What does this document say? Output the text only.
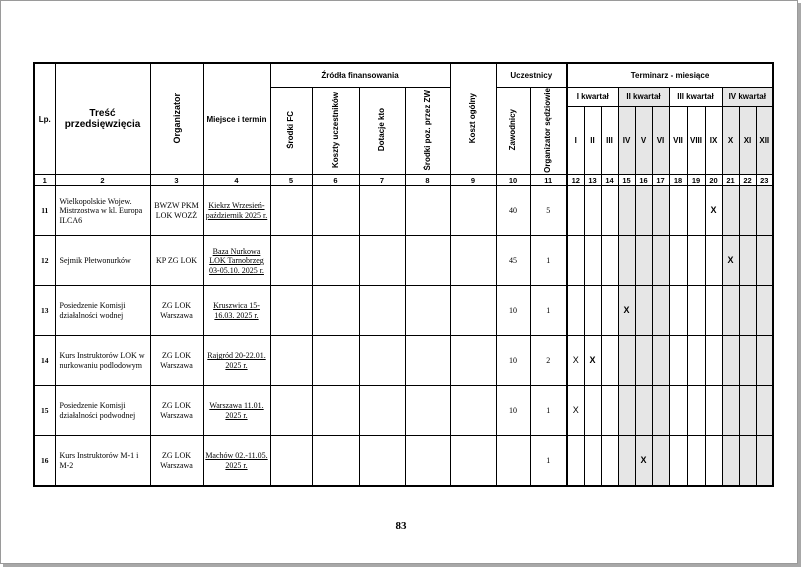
Lp.	Treść przedsięwzięcia	Organizator	Miejsce i termin	Źródła finansowania				Koszt ogólny	Uczestnicy		Terminarz - miesiące											
				Środki FC	Koszty uczestników	Dotacje kto	Środki poz. przez ZW		Zawodnicy	Organizator sędziowie	I kwartał			II kwartał			III kwartał			IV kwartał		
											I	II	III	IV	V	VI	VII	VIII	IX	X	XI	XII
1	2	3	4	5	6	7	8	9	10	11	12	13	14	15	16	17	18	19	20	21	22	23
11	Wielkopolskie Wojew. Mistrzostwa w kl. Europa ILCA6	BWZW PKM LOK WOZŻ	Kiekrz Wrzesień-październik 2025 r.						40	5									X			
12	Sejmik Płetwonurków	KP ZG LOK	Baza Nurkowa LOK Tarnobrzeg 03-05.10. 2025 r.						45	1										X		
13	Posiedzenie Komisji działalności wodnej	ZG LOK Warszawa	Kruszwica 15-16.03. 2025 r.						10	1				X								
14	Kurs Instruktorów LOK w nurkowaniu podlodowym	ZG LOK Warszawa	Rajgród 20-22.01. 2025 r.						10	2	X	X										
15	Posiedzenie Komisji działalności podwodnej	ZG LOK Warszawa	Warszawa 11.01. 2025 r.						10	1	X											
16	Kurs Instruktorów M-1 i M-2	ZG LOK Warszawa	Machów 02.-11.05. 2025 r.							1					X							
83
